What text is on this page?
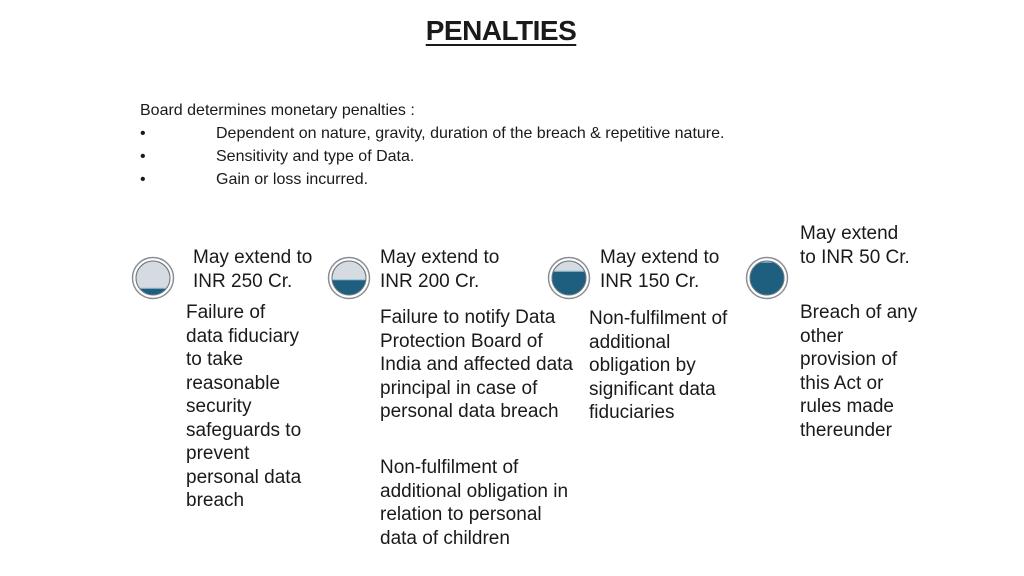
PENALTIES
Board determines monetary penalties :
•	Dependent on nature, gravity, duration of the breach & repetitive nature.
•	Sensitivity and type of Data.
•	Gain or loss incurred.
May extend to INR 250 Cr.

Failure of data fiduciary to take reasonable security safeguards to prevent personal data breach

May extend to INR 200 Cr.

Failure to notify Data Protection Board of India and affected data principal in case of personal data breach

Non-fulfilment of additional obligation in relation to personal data of children

May extend to INR 150 Cr.

Non-fulfilment of additional obligation by significant data fiduciaries

May extend to INR 50 Cr.

Breach of any other provision of this Act or rules made thereunder
